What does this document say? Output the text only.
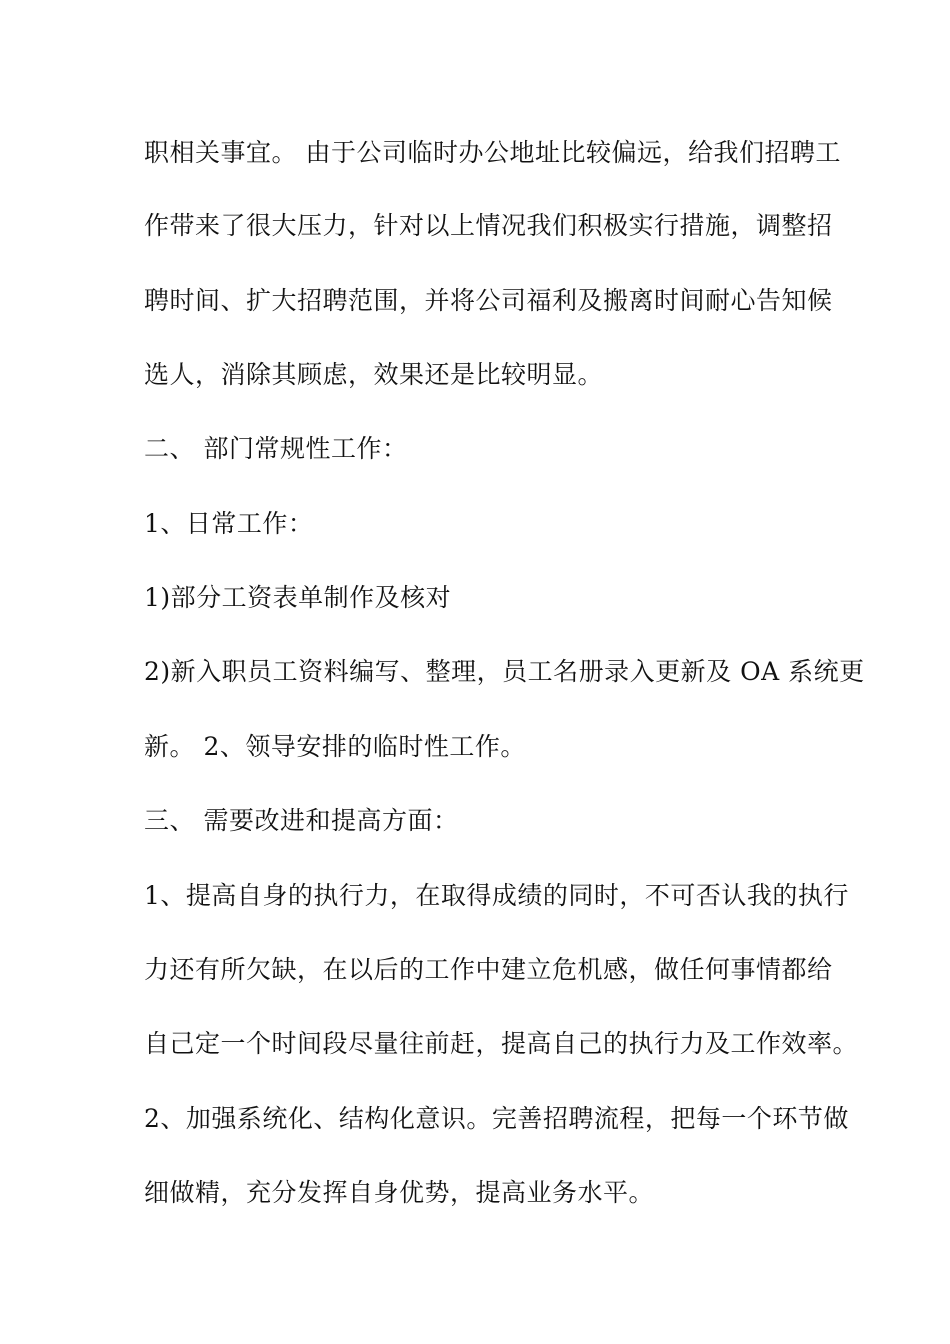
职相关事宜。 由于公司临时办公地址比较偏远，给我们招聘工
作带来了很大压力，针对以上情况我们积极实行措施，调整招
聘时间、扩大招聘范围，并将公司福利及搬离时间耐心告知候
选人，消除其顾虑，效果还是比较明显。
二、 部门常规性工作：
1、日常工作：
1)部分工资表单制作及核对
2)新入职员工资料编写、整理，员工名册录入更新及 OA 系统更
新。 2、领导安排的临时性工作。
三、 需要改进和提高方面：
1、提高自身的执行力，在取得成绩的同时，不可否认我的执行
力还有所欠缺，在以后的工作中建立危机感，做任何事情都给
自己定一个时间段尽量往前赶，提高自己的执行力及工作效率。
2、加强系统化、结构化意识。完善招聘流程，把每一个环节做
细做精，充分发挥自身优势，提高业务水平。
